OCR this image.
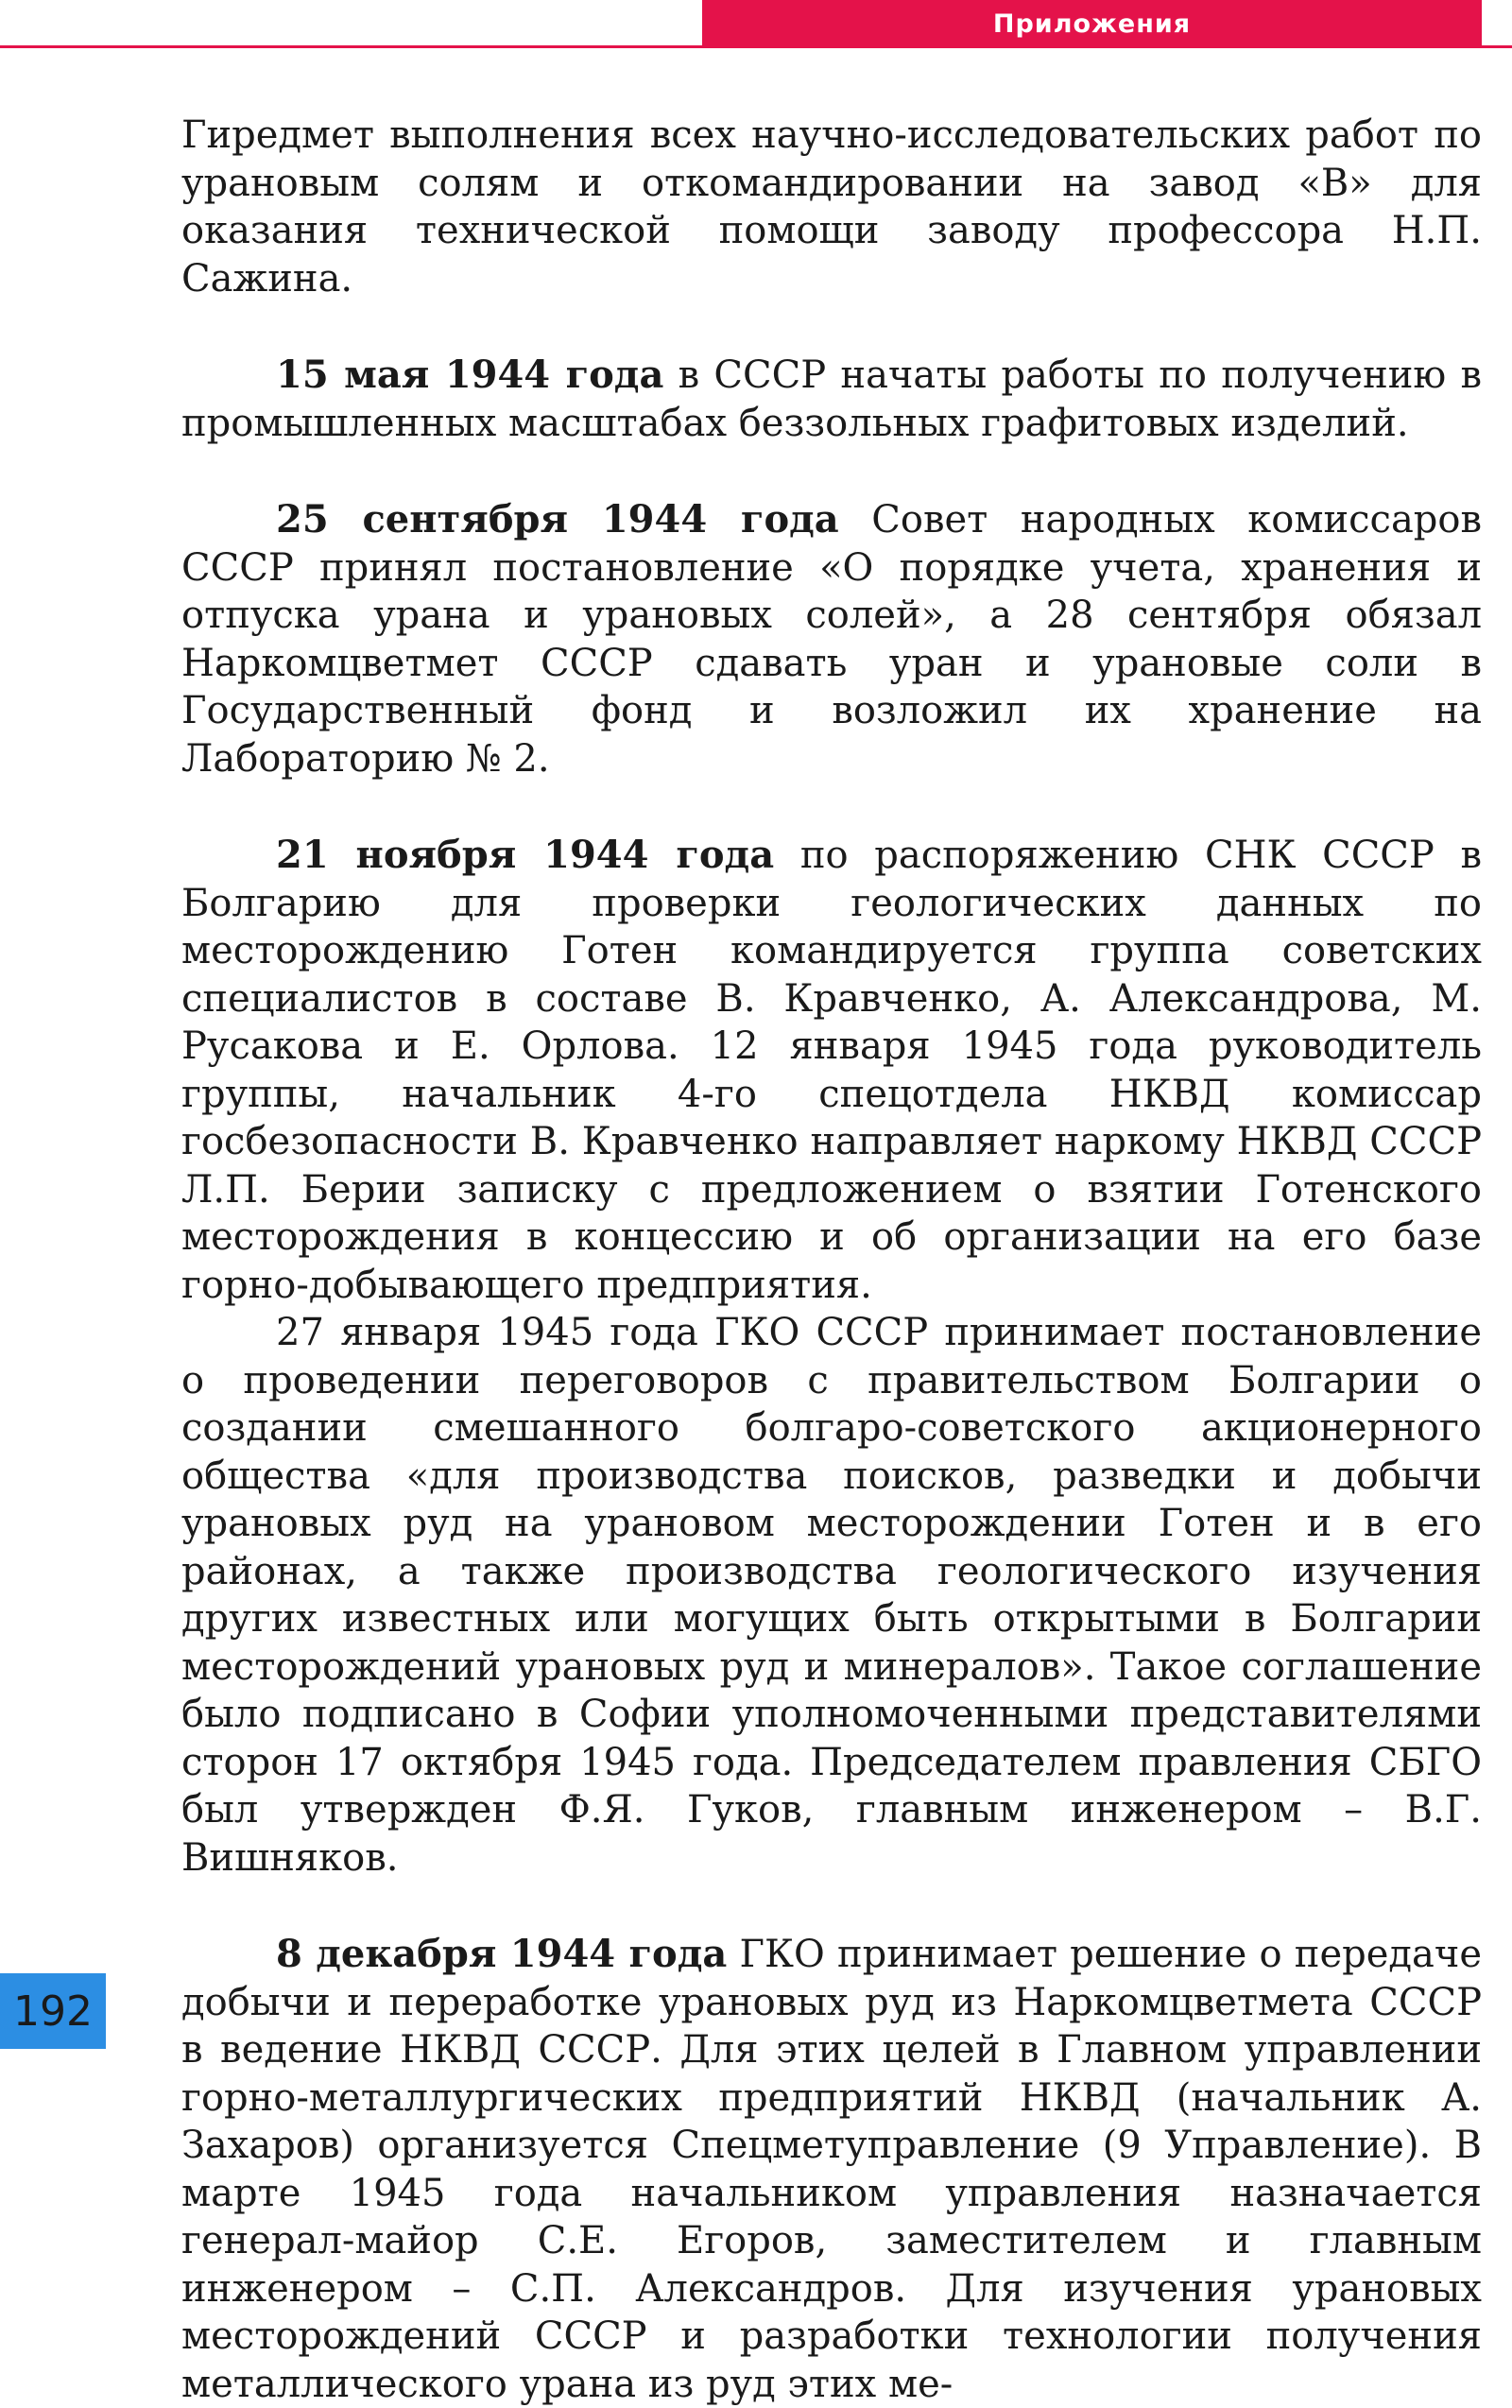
Приложения

Гиредмет выполнения всех научно-исследовательских работ по урановым солям и откомандировании на завод «В» для оказания технической помощи заводу профессора Н.П. Сажина.

15 мая 1944 года в СССР начаты работы по получению в промышленных масштабах беззольных графитовых изделий.

25 сентября 1944 года Совет народных комиссаров СССР принял постановление «О порядке учета, хранения и отпуска урана и урановых солей», а 28 сентября обязал Наркомцветмет СССР сдавать уран и урановые соли в Государственный фонд и возложил их хранение на Лабораторию № 2.

21 ноября 1944 года по распоряжению СНК СССР в Болгарию для проверки геологических данных по месторождению Готен командируется группа советских специалистов в составе В. Кравченко, А. Александрова, М. Русакова и Е. Орлова. 12 января 1945 года руководитель группы, начальник 4-го спецотдела НКВД комиссар госбезопасности В. Кравченко направляет наркому НКВД СССР Л.П. Берии записку с предложением о взятии Готенского месторождения в концессию и об организации на его базе горно-добывающего предприятия.

27 января 1945 года ГКО СССР принимает постановление о проведении переговоров с правительством Болгарии о создании смешанного болгаро-советского акционерного общества «для производства поисков, разведки и добычи урановых руд на урановом месторождении Готен и в его районах, а также производства геологического изучения других известных или могущих быть открытыми в Болгарии месторождений урановых руд и минералов». Такое соглашение было подписано в Софии уполномоченными представителями сторон 17 октября 1945 года. Председателем правления СБГО был утвержден Ф.Я. Гуков, главным инженером – В.Г. Вишняков.

8 декабря 1944 года ГКО принимает решение о передаче добычи и переработке урановых руд из Наркомцветмета СССР в ведение НКВД СССР. Для этих целей в Главном управлении горно-металлургических предприятий НКВД (начальник А. Захаров) организуется Спецметуправление (9 Управление). В марте 1945 года начальником управления назначается генерал-майор С.Е. Егоров, заместителем и главным инженером – С.П. Александров. Для изучения урановых месторождений СССР и разработки технологии получения металлического урана из руд этих ме-

192
